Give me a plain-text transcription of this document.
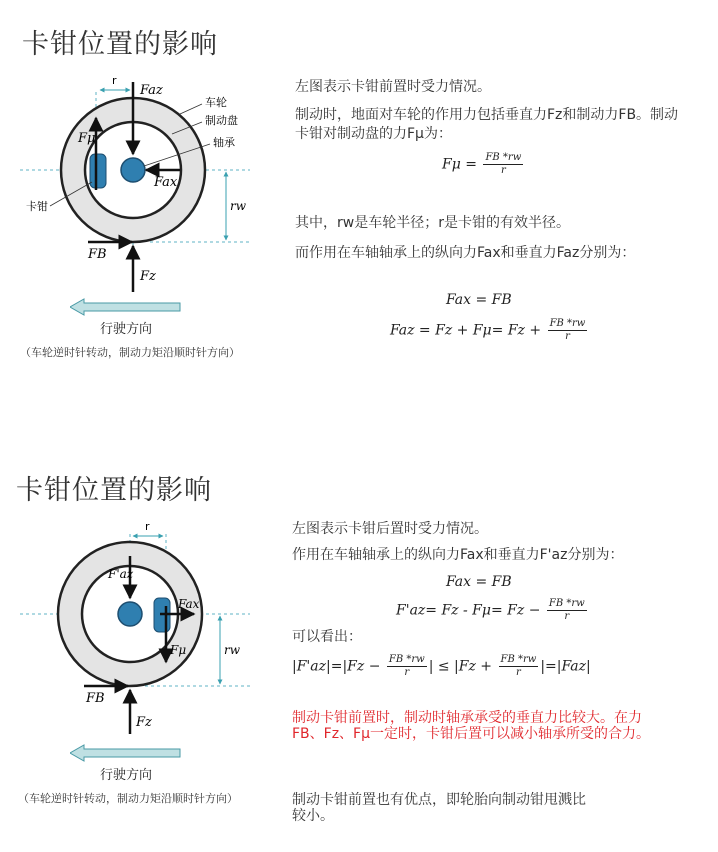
卡钳位置的影响
r
rw
Faz
Fμ
Fax
FB
Fz
车轮
制动盘
轴承
卡钳
行驶方向
（车轮逆时针转动，制动力矩沿顺时针方向）
左图表示卡钳前置时受力情况。
制动时，地面对车轮的作用力包括垂直力Fz和制动力FB。制动卡钳对制动盘的力Fμ为：
$F\mu = \frac{FB *rw}{r}$
其中，rw是车轮半径；r是卡钳的有效半径。
而作用在车轴轴承上的纵向力Fax和垂直力Faz分别为：
Fax = FB
Faz = $Fz + F\mu= Fz + \frac{FB *rw}{r}$
卡钳位置的影响
r
rw
F'az
Fax
Fμ
FB
Fz
行驶方向
（车轮逆时针转动，制动力矩沿顺时针方向）
左图表示卡钳后置时受力情况。
作用在车轴轴承上的纵向力Fax和垂直力F'az分别为：
Fax = FB
$F'az= Fz - F\mu= Fz - \frac{FB *rw}{r}$
可以看出：
$|F'az|=|Fz - \frac{FB *rw}{r}$ | ≤ $|Fz + \frac{FB *rw}{r} |=|Faz|$
制动卡钳前置时，制动时轴承承受的垂直力比较大。在力FB、Fz、Fμ一定时，卡钳后置可以减小轴承所受的合力。
制动卡钳前置也有优点，即轮胎向制动钳甩溅比较小。
